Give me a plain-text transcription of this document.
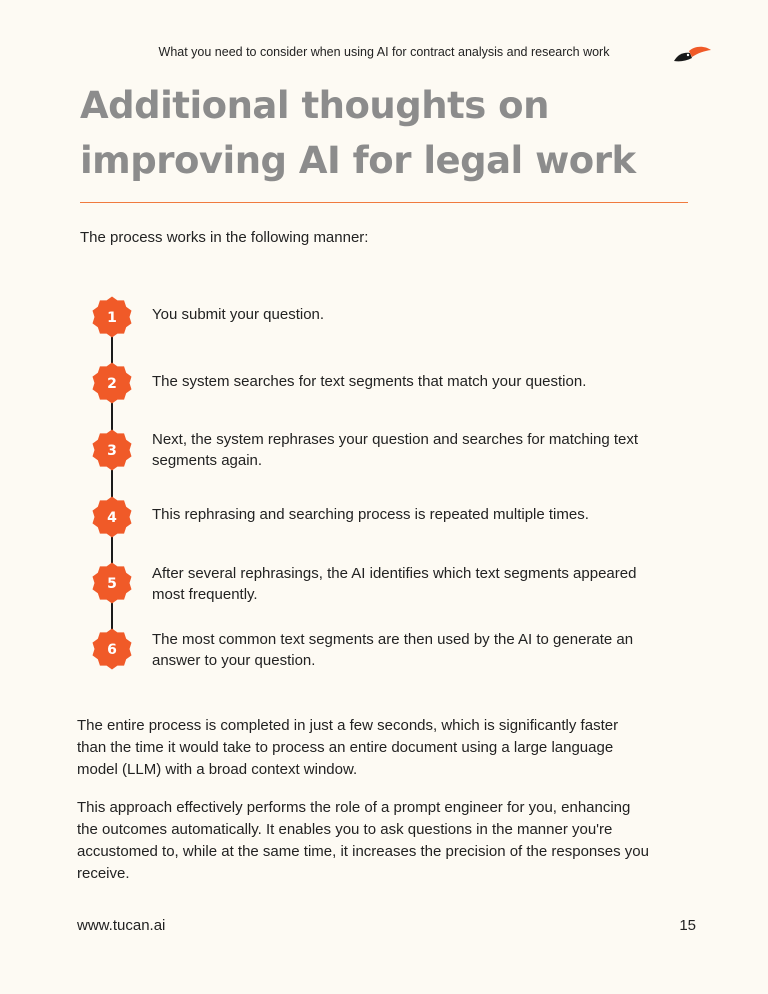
What you need to consider when using AI for contract analysis and research work
Additional thoughts on
improving AI for legal work
The process works in the following manner:
1	You submit your question.
2	The system searches for text segments that match your question.
3
Next, the system rephrases your question and searches for matching text
segments again.
4	This rephrasing and searching process is repeated multiple times.
5
After several rephrasings, the AI identifies which text segments appeared
most frequently.
6
The most common text segments are then used by the AI to generate an
answer to your question.

The entire process is completed in just a few seconds, which is significantly faster
than the time it would take to process an entire document using a large language
model (LLM) with a broad context window.

This approach effectively performs the role of a prompt engineer for you, enhancing
the outcomes automatically. It enables you to ask questions in the manner you're
accustomed to, while at the same time, it increases the precision of the responses you
receive.

www.tucan.ai	15
